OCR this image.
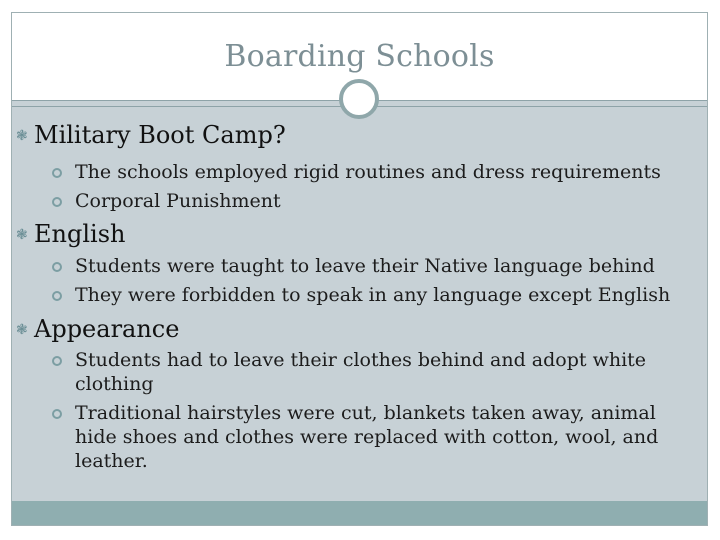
Boarding Schools
❃ Military Boot Camp?
The schools employed rigid routines and dress requirements
Corporal Punishment
❃ English
Students were taught to leave their Native language behind
They were forbidden to speak in any language except English
❃ Appearance
Students had to leave their clothes behind and adopt white clothing
Traditional hairstyles were cut, blankets taken away, animal hide shoes and clothes were replaced with cotton, wool, and leather.
